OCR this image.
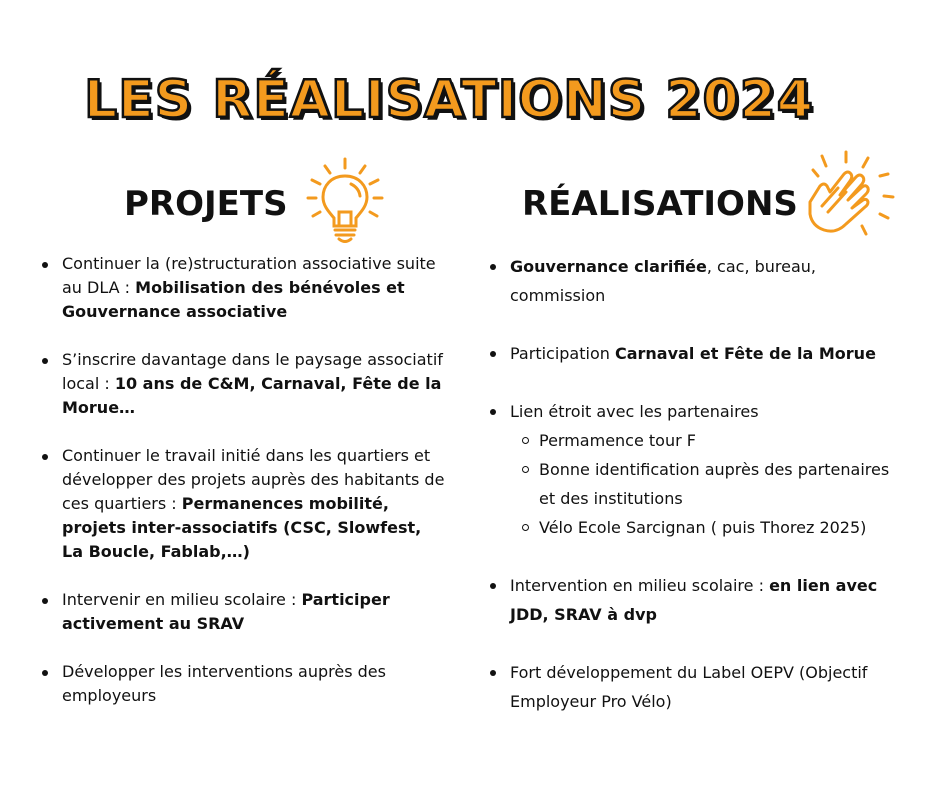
LES RÉALISATIONS 2024
PROJETS	RÉALISATIONS
Continuer la (re)structuration associative suite au DLA : Mobilisation des bénévoles et Gouvernance associative
S’inscrire davantage dans le paysage associatif local : 10 ans de C&M, Carnaval, Fête de la Morue…
Continuer le travail initié dans les quartiers et développer des projets auprès des habitants de ces quartiers : Permanences mobilité, projets inter-associatifs (CSC, Slowfest, La Boucle, Fablab,…)
Intervenir en milieu scolaire : Participer activement au SRAV
Développer les interventions auprès des employeurs
Gouvernance clarifiée, cac, bureau, commission
Participation Carnaval et Fête de la Morue
Lien étroit avec les partenaires
Permamence tour F
Bonne identification auprès des partenaires et des institutions
Vélo Ecole Sarcignan ( puis Thorez 2025)
Intervention en milieu scolaire : en lien avec JDD, SRAV à dvp
Fort développement du Label OEPV (Objectif Employeur Pro Vélo)
